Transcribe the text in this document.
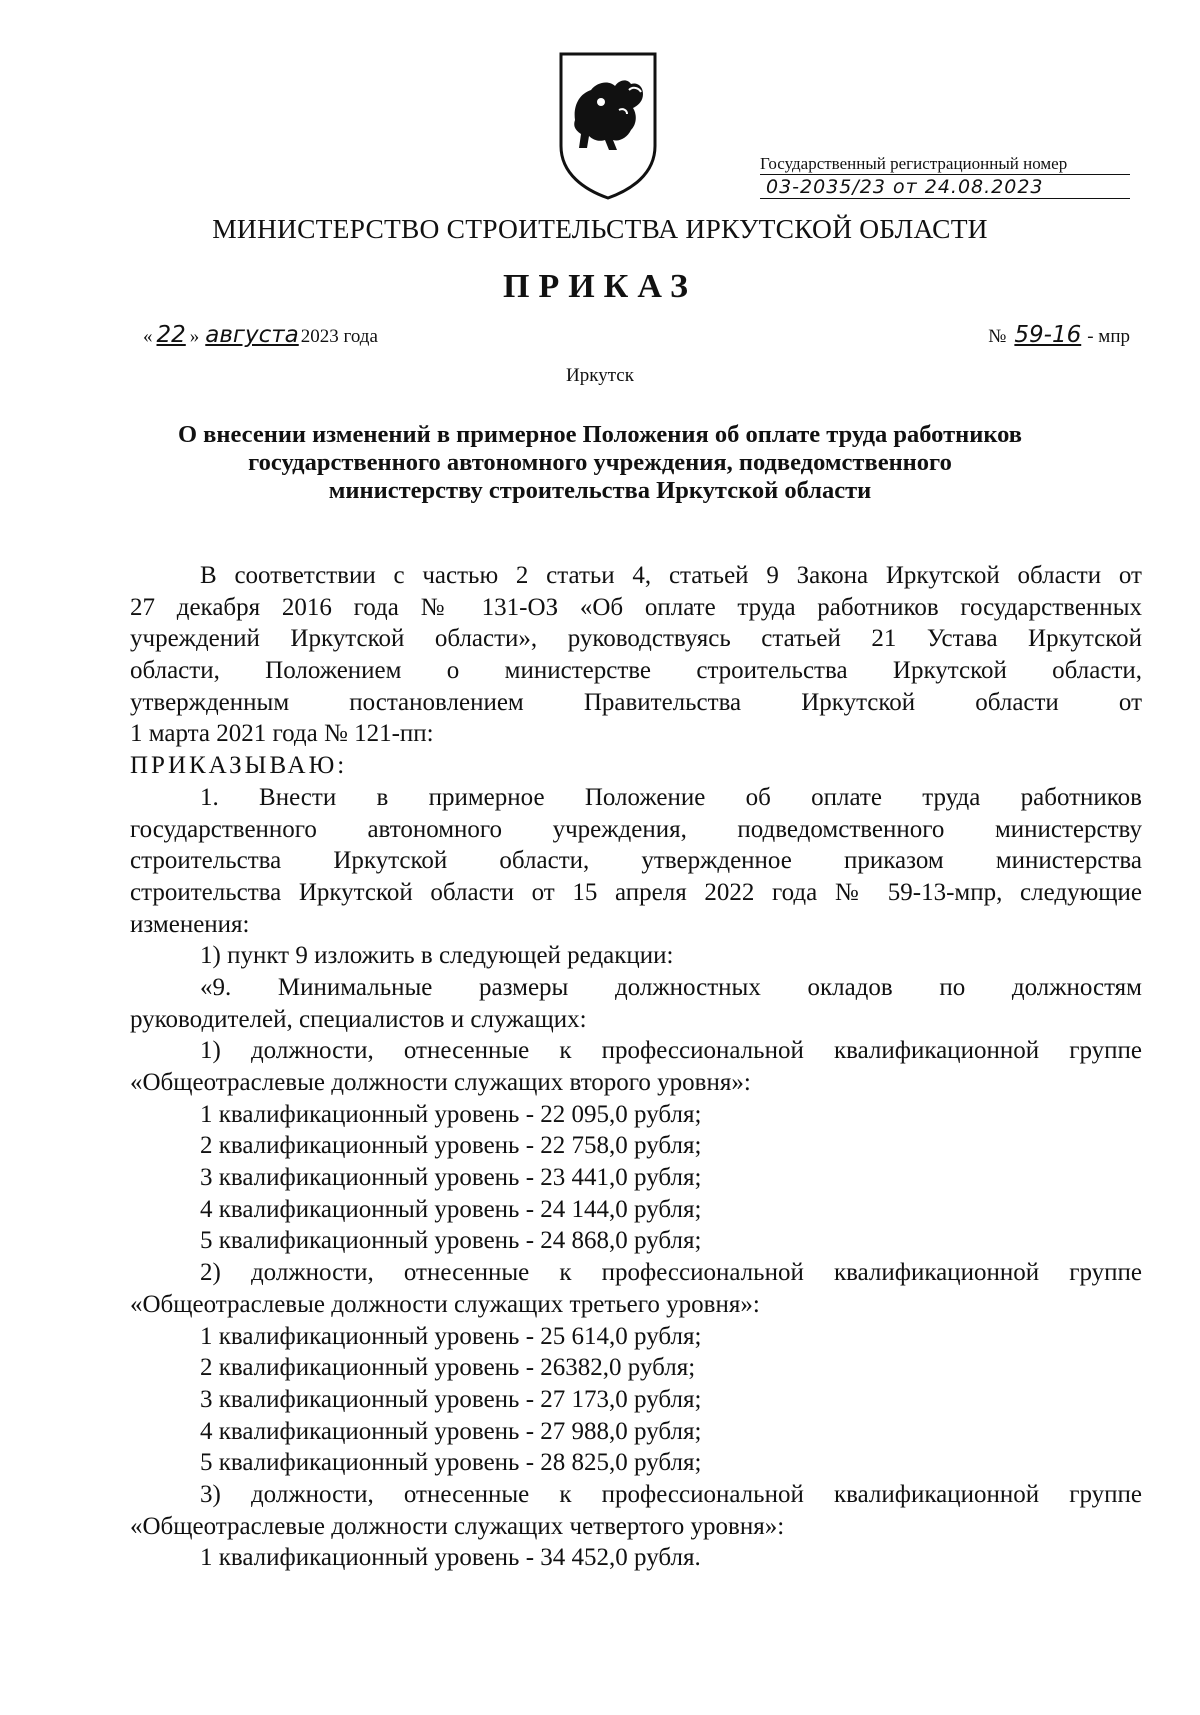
Государственный регистрационный номер
03-2035/23 от 24.08.2023
МИНИСТЕРСТВО СТРОИТЕЛЬСТВА ИРКУТСКОЙ ОБЛАСТИ
ПРИКАЗ
« 22 » августа 2023 года	№ 59-16 - мпр
Иркутск
О внесении изменений в примерное Положения об оплате труда работников
государственного автономного учреждения, подведомственного
министерству строительства Иркутской области
В соответствии с частью 2 статьи 4, статьей 9 Закона Иркутской области от
27 декабря 2016 года № 131-ОЗ «Об оплате труда работников государственных
учреждений Иркутской области», руководствуясь статьей 21 Устава Иркутской
области, Положением о министерстве строительства Иркутской области,
утвержденным постановлением Правительства Иркутской области от
1 марта 2021 года № 121-пп:
ПРИКАЗЫВАЮ:
1. Внести в примерное Положение об оплате труда работников
государственного автономного учреждения, подведомственного министерству
строительства Иркутской области, утвержденное приказом министерства
строительства Иркутской области от 15 апреля 2022 года № 59-13-мпр, следующие
изменения:
1) пункт 9 изложить в следующей редакции:
«9. Минимальные размеры должностных окладов по должностям
руководителей, специалистов и служащих:
1) должности, отнесенные к профессиональной квалификационной группе
«Общеотраслевые должности служащих второго уровня»:
1 квалификационный уровень - 22 095,0 рубля;
2 квалификационный уровень - 22 758,0 рубля;
3 квалификационный уровень - 23 441,0 рубля;
4 квалификационный уровень - 24 144,0 рубля;
5 квалификационный уровень - 24 868,0 рубля;
2) должности, отнесенные к профессиональной квалификационной группе
«Общеотраслевые должности служащих третьего уровня»:
1 квалификационный уровень - 25 614,0 рубля;
2 квалификационный уровень - 26382,0 рубля;
3 квалификационный уровень - 27 173,0 рубля;
4 квалификационный уровень - 27 988,0 рубля;
5 квалификационный уровень - 28 825,0 рубля;
3) должности, отнесенные к профессиональной квалификационной группе
«Общеотраслевые должности служащих четвертого уровня»:
1 квалификационный уровень - 34 452,0 рубля.
